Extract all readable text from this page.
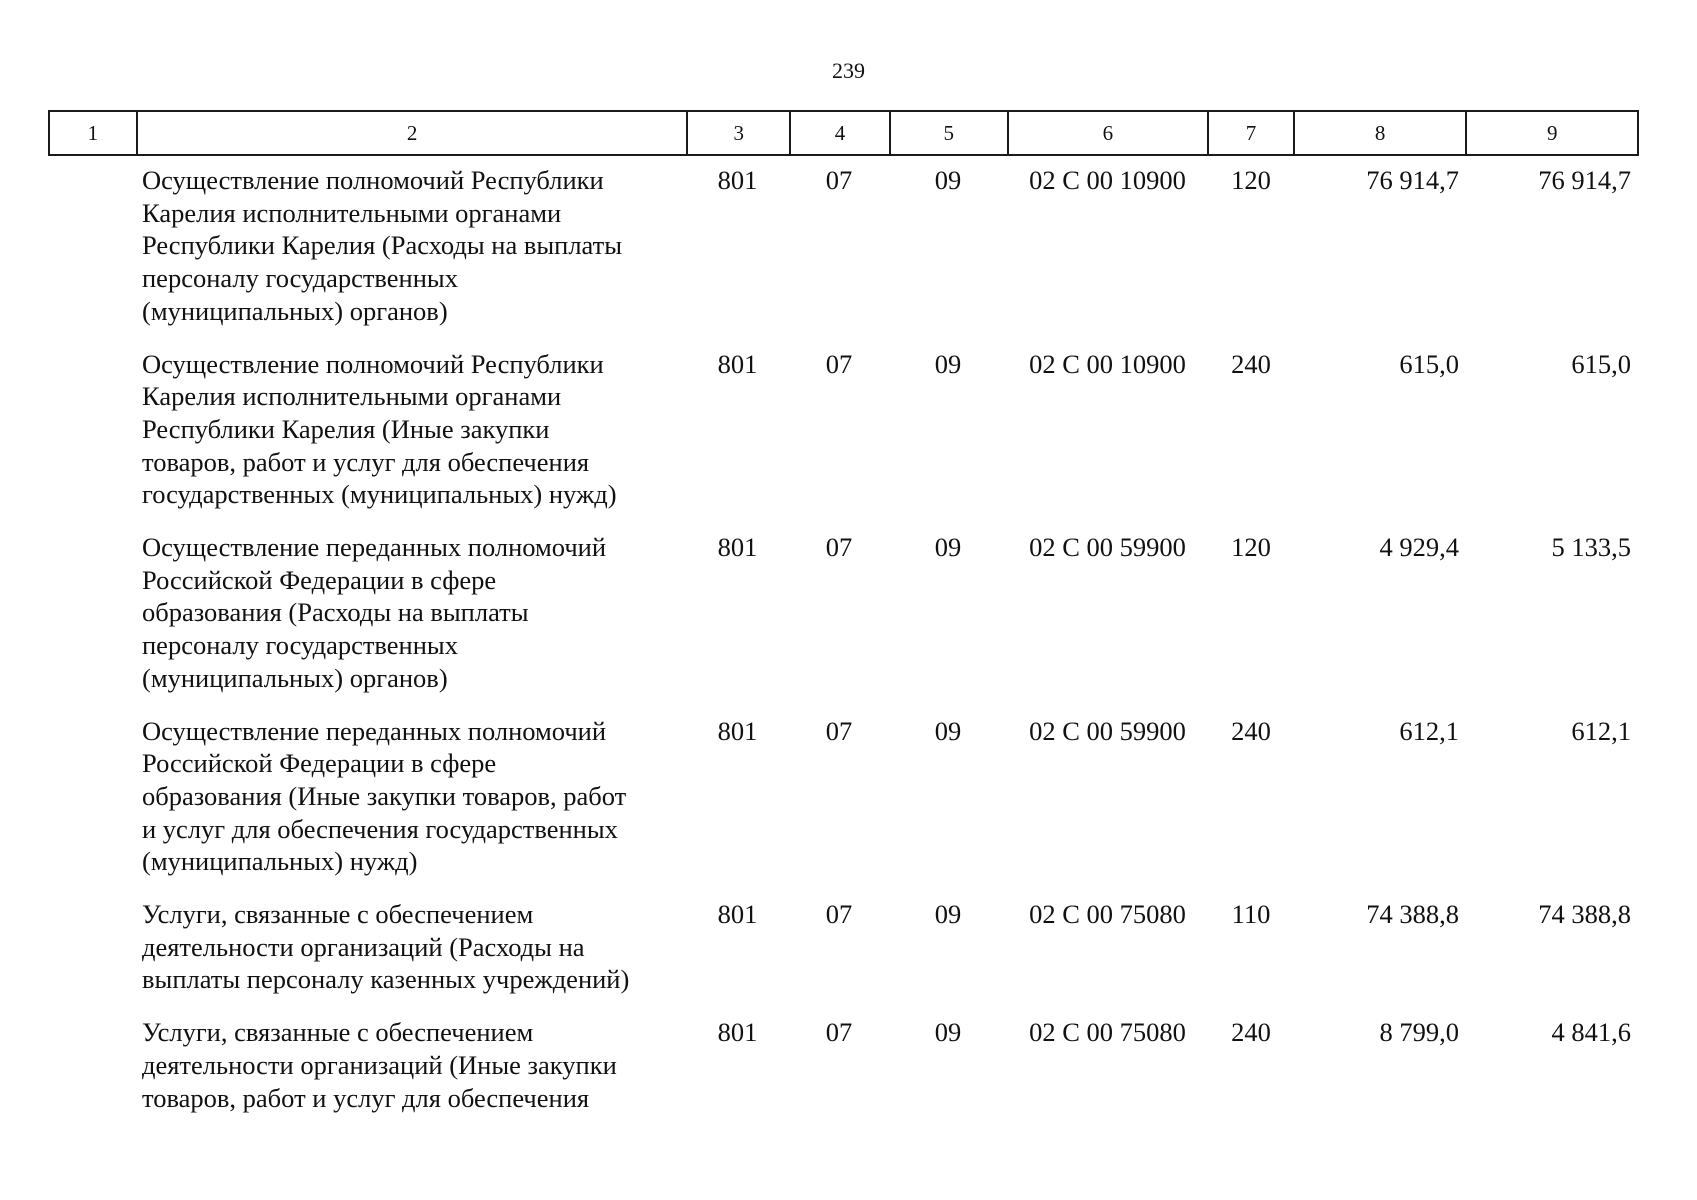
239
1	2	3	4	5	6	7	8	9
Осуществление полномочий Республики
Карелия исполнительными органами
Республики Карелия (Расходы на выплаты
персоналу государственных
(муниципальных) органов)
801	07	09	02 С 00 10900	120	76 914,7	76 914,7
Осуществление полномочий Республики
Карелия исполнительными органами
Республики Карелия (Иные закупки
товаров, работ и услуг для обеспечения
государственных (муниципальных) нужд)
801	07	09	02 С 00 10900	240	615,0	615,0
Осуществление переданных полномочий
Российской Федерации в сфере
образования (Расходы на выплаты
персоналу государственных
(муниципальных) органов)
801	07	09	02 С 00 59900	120	4 929,4	5 133,5
Осуществление переданных полномочий
Российской Федерации в сфере
образования (Иные закупки товаров, работ
и услуг для обеспечения государственных
(муниципальных) нужд)
801	07	09	02 С 00 59900	240	612,1	612,1
Услуги, связанные с обеспечением
деятельности организаций (Расходы на
выплаты персоналу казенных учреждений)
801	07	09	02 С 00 75080	110	74 388,8	74 388,8
Услуги, связанные с обеспечением
деятельности организаций (Иные закупки
товаров, работ и услуг для обеспечения
801	07	09	02 С 00 75080	240	8 799,0	4 841,6
